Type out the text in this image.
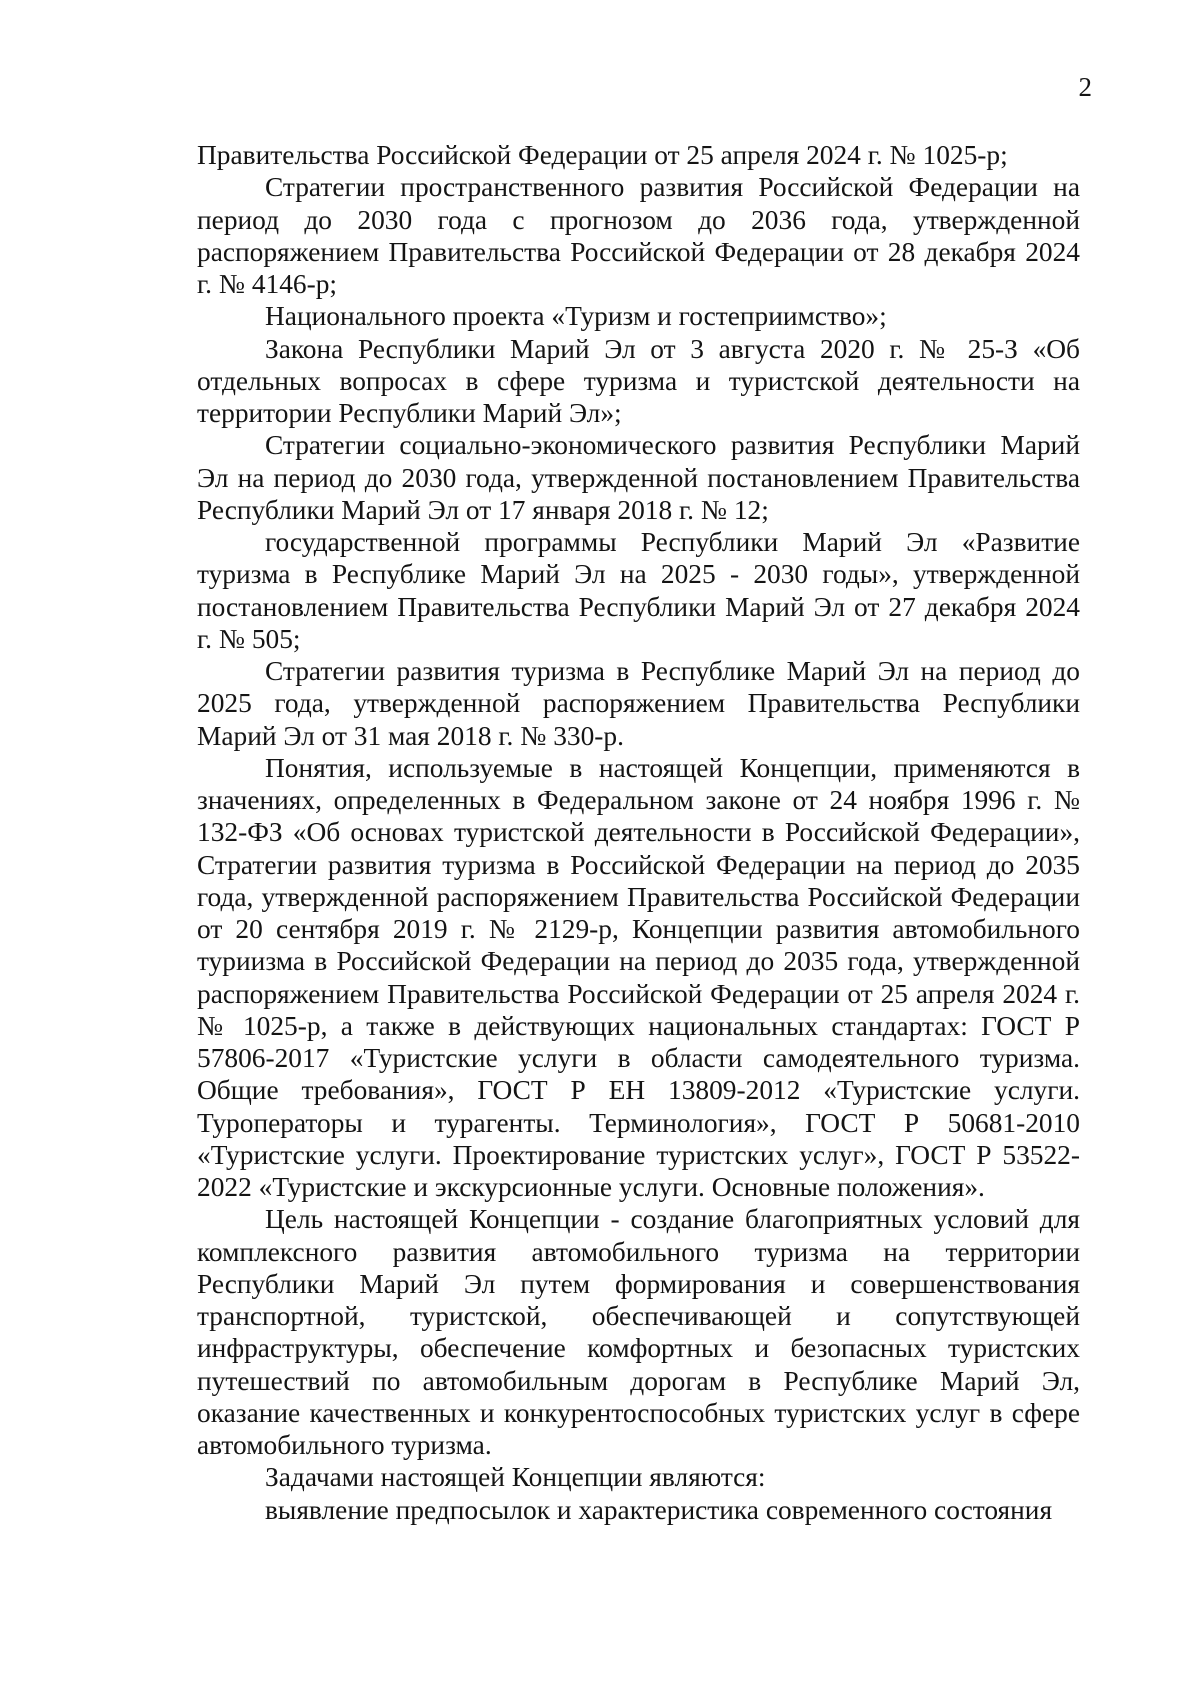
2

Правительства Российской Федерации от 25 апреля 2024 г. № 1025-р;

Стратегии пространственного развития Российской Федерации на период до 2030 года с прогнозом до 2036 года, утвержденной распоряжением Правительства Российской Федерации от 28 декабря 2024 г. № 4146-р;

Национального проекта «Туризм и гостеприимство»;

Закона Республики Марий Эл от 3 августа 2020 г. № 25-З «Об отдельных вопросах в сфере туризма и туристской деятельности на территории Республики Марий Эл»;

Стратегии социально-экономического развития Республики Марий Эл на период до 2030 года, утвержденной постановлением Правительства Республики Марий Эл от 17 января 2018 г. № 12;

государственной программы Республики Марий Эл «Развитие туризма в Республике Марий Эл на 2025 - 2030 годы», утвержденной постановлением Правительства Республики Марий Эл от 27 декабря 2024 г. № 505;

Стратегии развития туризма в Республике Марий Эл на период до 2025 года, утвержденной распоряжением Правительства Республики Марий Эл от 31 мая 2018 г. № 330-р.

Понятия, используемые в настоящей Концепции, применяются в значениях, определенных в Федеральном законе от 24 ноября 1996 г. № 132-ФЗ «Об основах туристской деятельности в Российской Федерации», Стратегии развития туризма в Российской Федерации на период до 2035 года, утвержденной распоряжением Правительства Российской Федерации от 20 сентября 2019 г. № 2129-р, Концепции развития автомобильного туриизма в Российской Федерации на период до 2035 года, утвержденной распоряжением Правительства Российской Федерации от 25 апреля 2024 г. № 1025-р, а также в действующих национальных стандартах: ГОСТ Р 57806-2017 «Туристские услуги в области самодеятельного туризма. Общие требования», ГОСТ Р ЕН 13809-2012 «Туристские услуги. Туроператоры и турагенты. Терминология», ГОСТ Р 50681-2010 «Туристские услуги. Проектирование туристских услуг», ГОСТ Р 53522-2022 «Туристские и экскурсионные услуги. Основные положения».

Цель настоящей Концепции - создание благоприятных условий для комплексного развития автомобильного туризма на территории Республики Марий Эл путем формирования и совершенствования транспортной, туристской, обеспечивающей и сопутствующей инфраструктуры, обеспечение комфортных и безопасных туристских путешествий по автомобильным дорогам в Республике Марий Эл, оказание качественных и конкурентоспособных туристских услуг в сфере автомобильного туризма.

Задачами настоящей Концепции являются:

выявление предпосылок и характеристика современного состояния
